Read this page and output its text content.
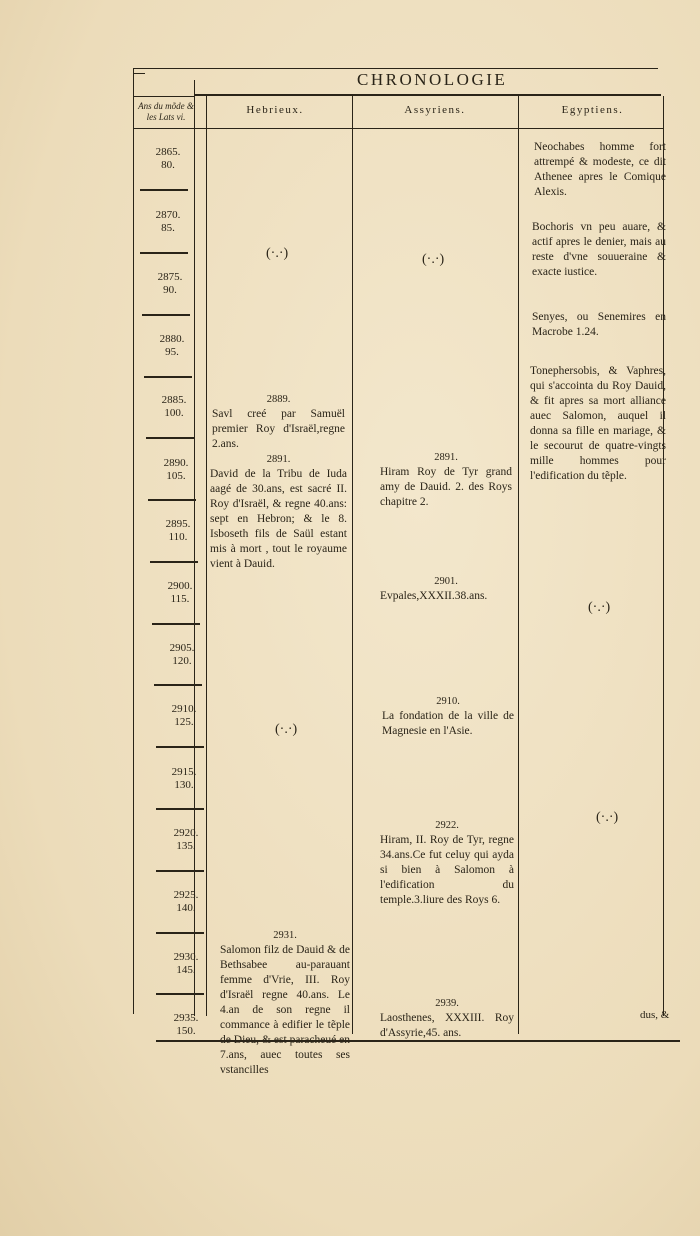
CHRONOLOGIE
Ans du mõde & les Lats vi.
Hebrieux.	Assyriens.	Egyptiens.
2865.
80.
2870.
85.
2875.
90.
2880.
95.
2885.
100.
2890.
105.
2895.
110.
2900.
115.
2905.
120.
2910.
125.
2915.
130.
2920.
135.
2925.
140.
2930.
145.
2935.
150.
(·.·)
2889.
Savl creé par Samuël premier Roy d'Israël,regne 2.ans.
2891.
David de la Tribu de Iuda aagé de 30.ans, est sacré II. Roy d'Israël, & regne 40.ans: sept en Hebron; & le 8. Isboseth fils de Saül estant mis à mort , tout le royaume vient à Dauid.
(·.·)
2931.
Salomon filz de Dauid & de Bethsabee au-parauant femme d'Vrie, III. Roy d'Israël regne 40.ans. Le 4.an de son regne il commance à edifier le tẽple de Dieu, & est paracheué en 7.ans, auec toutes ses vstancilles
(·.·)
2891.
Hiram Roy de Tyr grand amy de Dauid. 2. des Roys chapitre 2.
2901.
Evpales,XXXII.38.ans.
2910.
La fondation de la ville de Magnesie en l'Asie.
2922.
Hiram, II. Roy de Tyr, regne 34.ans.Ce fut celuy qui ayda si bien à Salomon à l'edification du temple.3.liure des Roys 6.
2939.
Laosthenes, XXXIII. Roy d'Assyrie,45. ans.
Neochabes homme fort attrempé & modeste, ce dit Athenee apres le Comique Alexis.
Bochoris vn peu auare, & actif apres le denier, mais au reste d'vne souueraine & exacte iustice.
Senyes, ou Senemires en Macrobe 1.24.
Tonephersobis, & Vaphres, qui s'accointa du Roy Dauid, & fit apres sa mort alliance auec Salomon, auquel il donna sa fille en mariage, & le secourut de quatre-vingts mille hommes pour l'edification du tẽple.
(·.·)
(·.·)
dus, &
